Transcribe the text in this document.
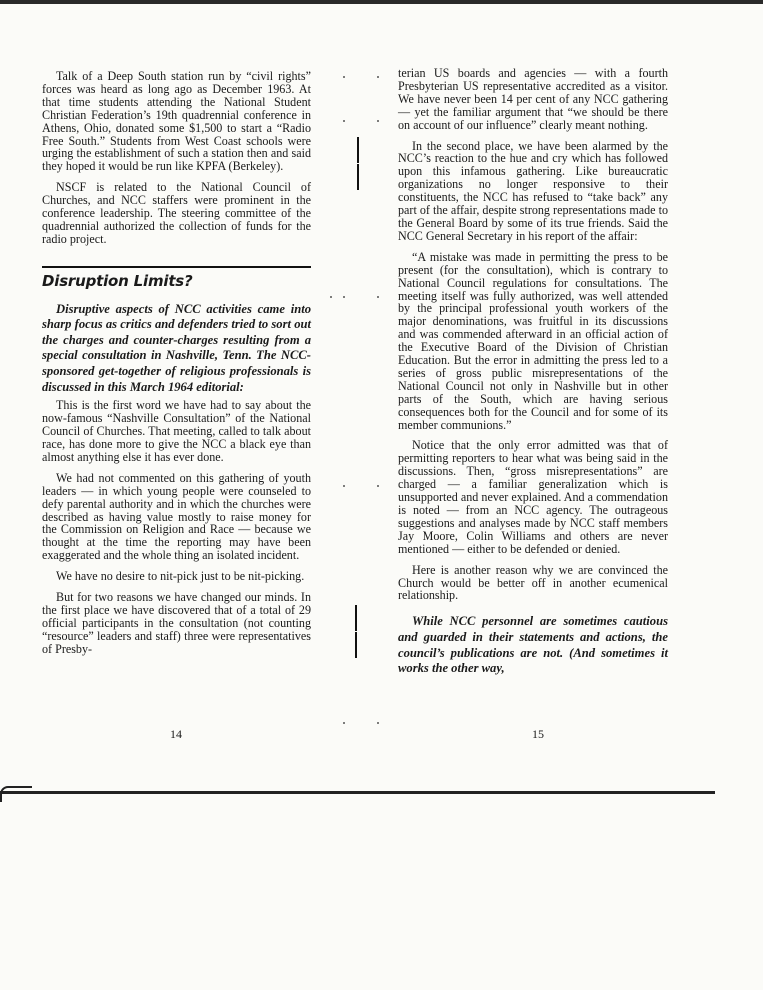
Talk of a Deep South station run by “civil rights” forces was heard as long ago as December 1963. At that time students attending the National Student Christian Federation’s 19th quadrennial conference in Athens, Ohio, donated some $1,500 to start a “Radio Free South.” Students from West Coast schools were urging the establishment of such a station then and said they hoped it would be run like KPFA (Berkeley).

NSCF is related to the National Council of Churches, and NCC staffers were prominent in the conference leadership. The steering committee of the quadrennial authorized the collection of funds for the radio project.

Disruption Limits?

Disruptive aspects of NCC activities came into sharp focus as critics and defenders tried to sort out the charges and counter-charges resulting from a special consultation in Nashville, Tenn. The NCC-sponsored get-together of religious professionals is discussed in this March 1964 editorial:

This is the first word we have had to say about the now-famous “Nashville Consultation” of the National Council of Churches. That meeting, called to talk about race, has done more to give the NCC a black eye than almost anything else it has ever done.

We had not commented on this gathering of youth leaders — in which young people were counseled to defy parental authority and in which the churches were described as having value mostly to raise money for the Commission on Religion and Race — because we thought at the time the reporting may have been exaggerated and the whole thing an isolated incident.

We have no desire to nit-pick just to be nit-picking.

But for two reasons we have changed our minds. In the first place we have discovered that of a total of 29 official participants in the consultation (not counting “resource” leaders and staff) three were representatives of Presby-

terian US boards and agencies — with a fourth Presbyterian US representative accredited as a visitor. We have never been 14 per cent of any NCC gathering — yet the familiar argument that “we should be there on account of our influence” clearly meant nothing.

In the second place, we have been alarmed by the NCC’s reaction to the hue and cry which has followed upon this infamous gathering. Like bureaucratic organizations no longer responsive to their constituents, the NCC has refused to “take back” any part of the affair, despite strong representations made to the General Board by some of its true friends. Said the NCC General Secretary in his report of the affair:

“A mistake was made in permitting the press to be present (for the consultation), which is contrary to National Council regulations for consultations. The meeting itself was fully authorized, was well attended by the principal professional youth workers of the major denominations, was fruitful in its discussions and was commended afterward in an official action of the Executive Board of the Division of Christian Education. But the error in admitting the press led to a series of gross public misrepresentations of the National Council not only in Nashville but in other parts of the South, which are having serious consequences both for the Council and for some of its member communions.”

Notice that the only error admitted was that of permitting reporters to hear what was being said in the discussions. Then, “gross misrepresentations” are charged — a familiar generalization which is unsupported and never explained. And a commendation is noted — from an NCC agency. The outrageous suggestions and analyses made by NCC staff members Jay Moore, Colin Williams and others are never mentioned — either to be defended or denied.

Here is another reason why we are convinced the Church would be better off in another ecumenical relationship.

While NCC personnel are sometimes cautious and guarded in their statements and actions, the council’s publications are not. (And sometimes it works the other way,

14	15
